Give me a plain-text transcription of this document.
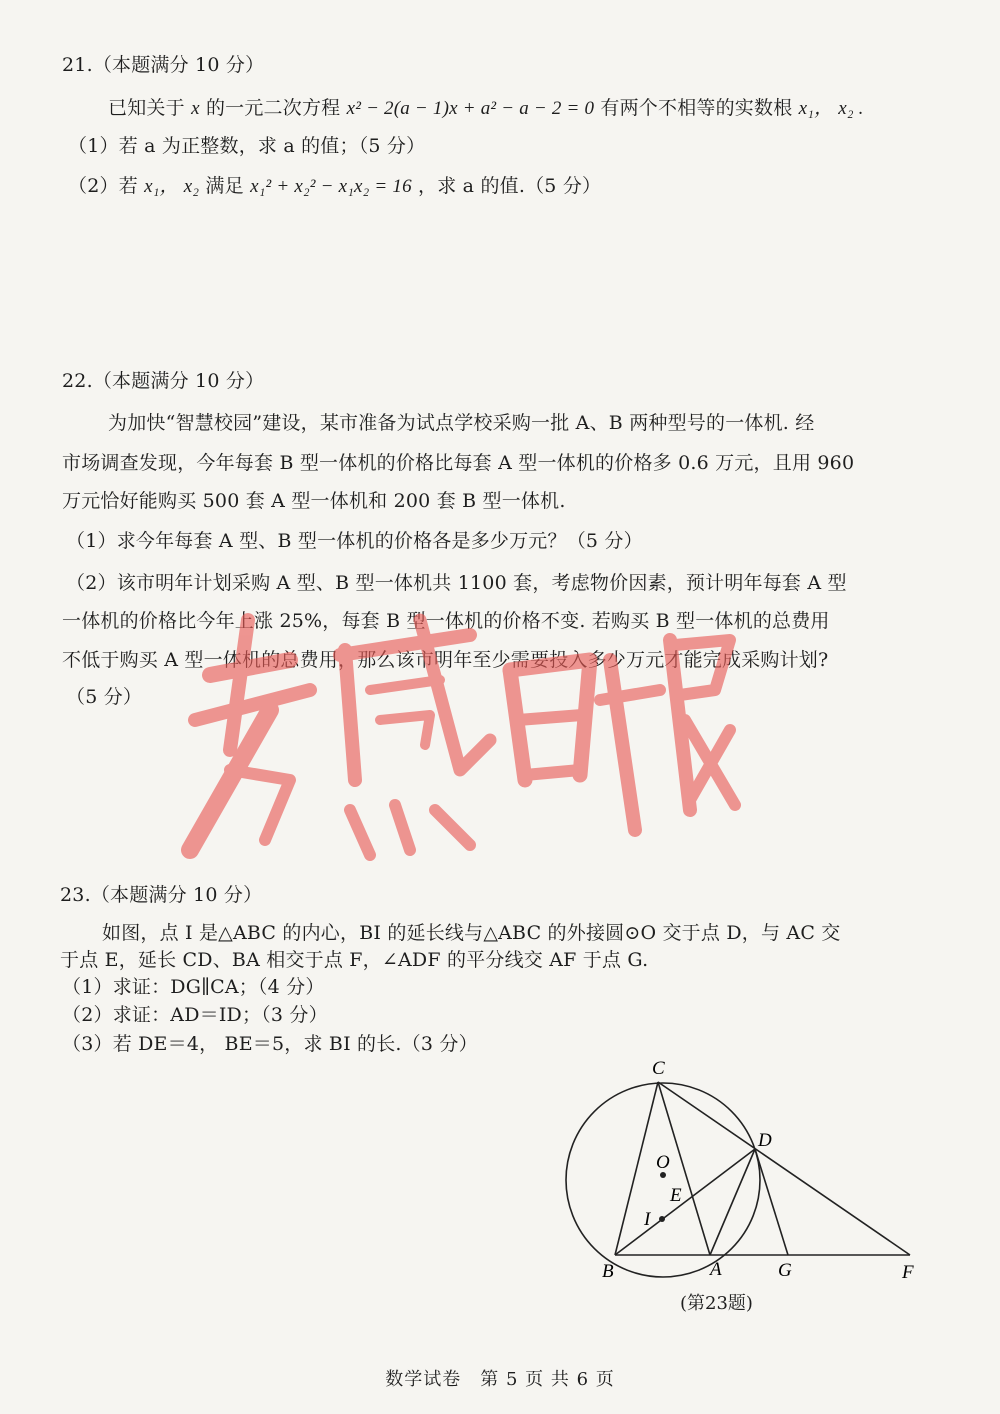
21.（本题满分 10 分）
已知关于 x 的一元二次方程 x² − 2(a − 1)x + a² − a − 2 = 0 有两个不相等的实数根 x₁， x₂ .
（1）若 a 为正整数，求 a 的值；（5 分）
（2）若 x₁， x₂ 满足 x₁² + x₂² − x₁x₂ = 16 ，求 a 的值.（5 分）
22.（本题满分 10 分）
为加快“智慧校园”建设，某市准备为试点学校采购一批 A、B 两种型号的一体机. 经
市场调查发现，今年每套 B 型一体机的价格比每套 A 型一体机的价格多 0.6 万元，且用 960
万元恰好能购买 500 套 A 型一体机和 200 套 B 型一体机.
（1）求今年每套 A 型、B 型一体机的价格各是多少万元？（5 分）
（2）该市明年计划采购 A 型、B 型一体机共 1100 套，考虑物价因素，预计明年每套 A 型
一体机的价格比今年上涨 25%，每套 B 型一体机的价格不变. 若购买 B 型一体机的总费用
不低于购买 A 型一体机的总费用，那么该市明年至少需要投入多少万元才能完成采购计划?
（5 分）
23.（本题满分 10 分）
如图，点 I 是△ABC 的内心，BI 的延长线与△ABC 的外接圆⊙O 交于点 D，与 AC 交
于点 E，延长 CD、BA 相交于点 F，∠ADF 的平分线交 AF 于点 G.
（1）求证：DG∥CA；（4 分）
（2）求证：AD＝ID；（3 分）
（3）若 DE＝4， BE＝5，求 BI 的长.（3 分）
C
D
O
E
I
B	A	G	F
(第23题)
数学试卷　第 5 页 共 6 页
